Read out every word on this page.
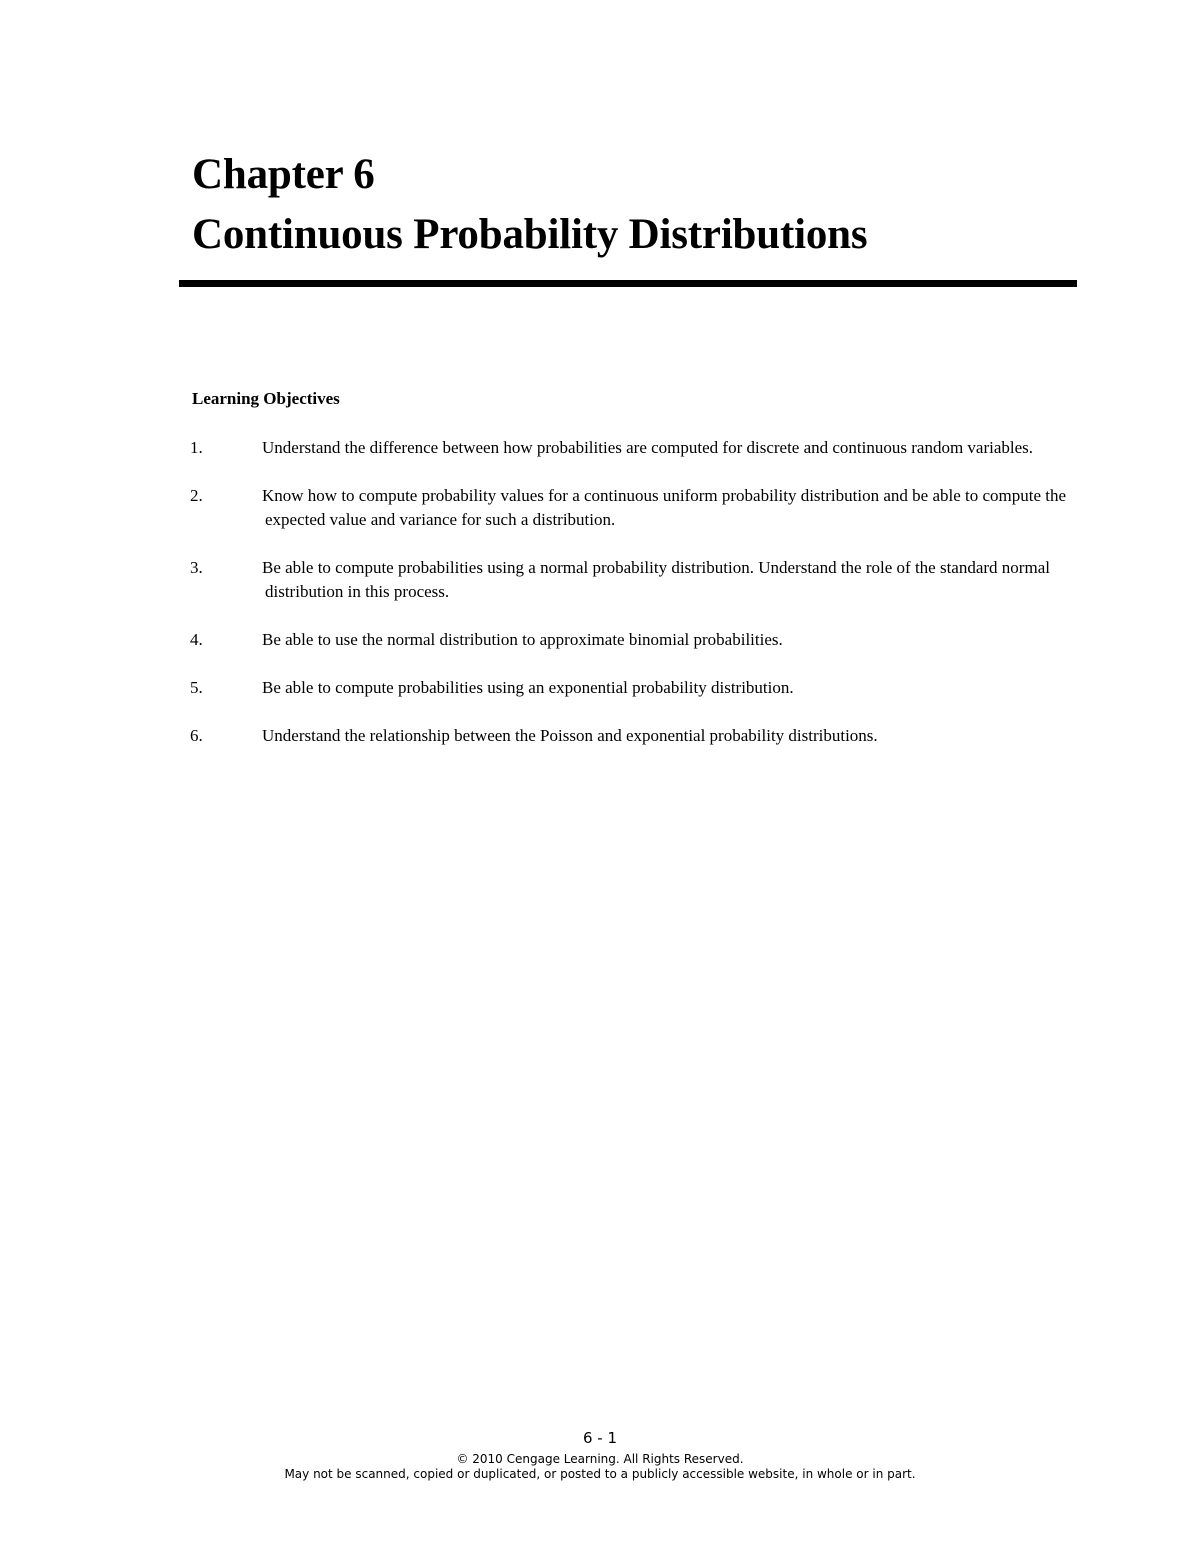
Chapter 6
Continuous Probability Distributions
Learning Objectives
1.	Understand the difference between how probabilities are computed for discrete and continuous random variables.
2.	Know how to compute probability values for a continuous uniform probability distribution and be able to compute the expected value and variance for such a distribution.
3.	Be able to compute probabilities using a normal probability distribution. Understand the role of the standard normal distribution in this process.
4.	Be able to use the normal distribution to approximate binomial probabilities.
5.	Be able to compute probabilities using an exponential probability distribution.
6.	Understand the relationship between the Poisson and exponential probability distributions.
6 - 1
© 2010 Cengage Learning. All Rights Reserved.
May not be scanned, copied or duplicated, or posted to a publicly accessible website, in whole or in part.
